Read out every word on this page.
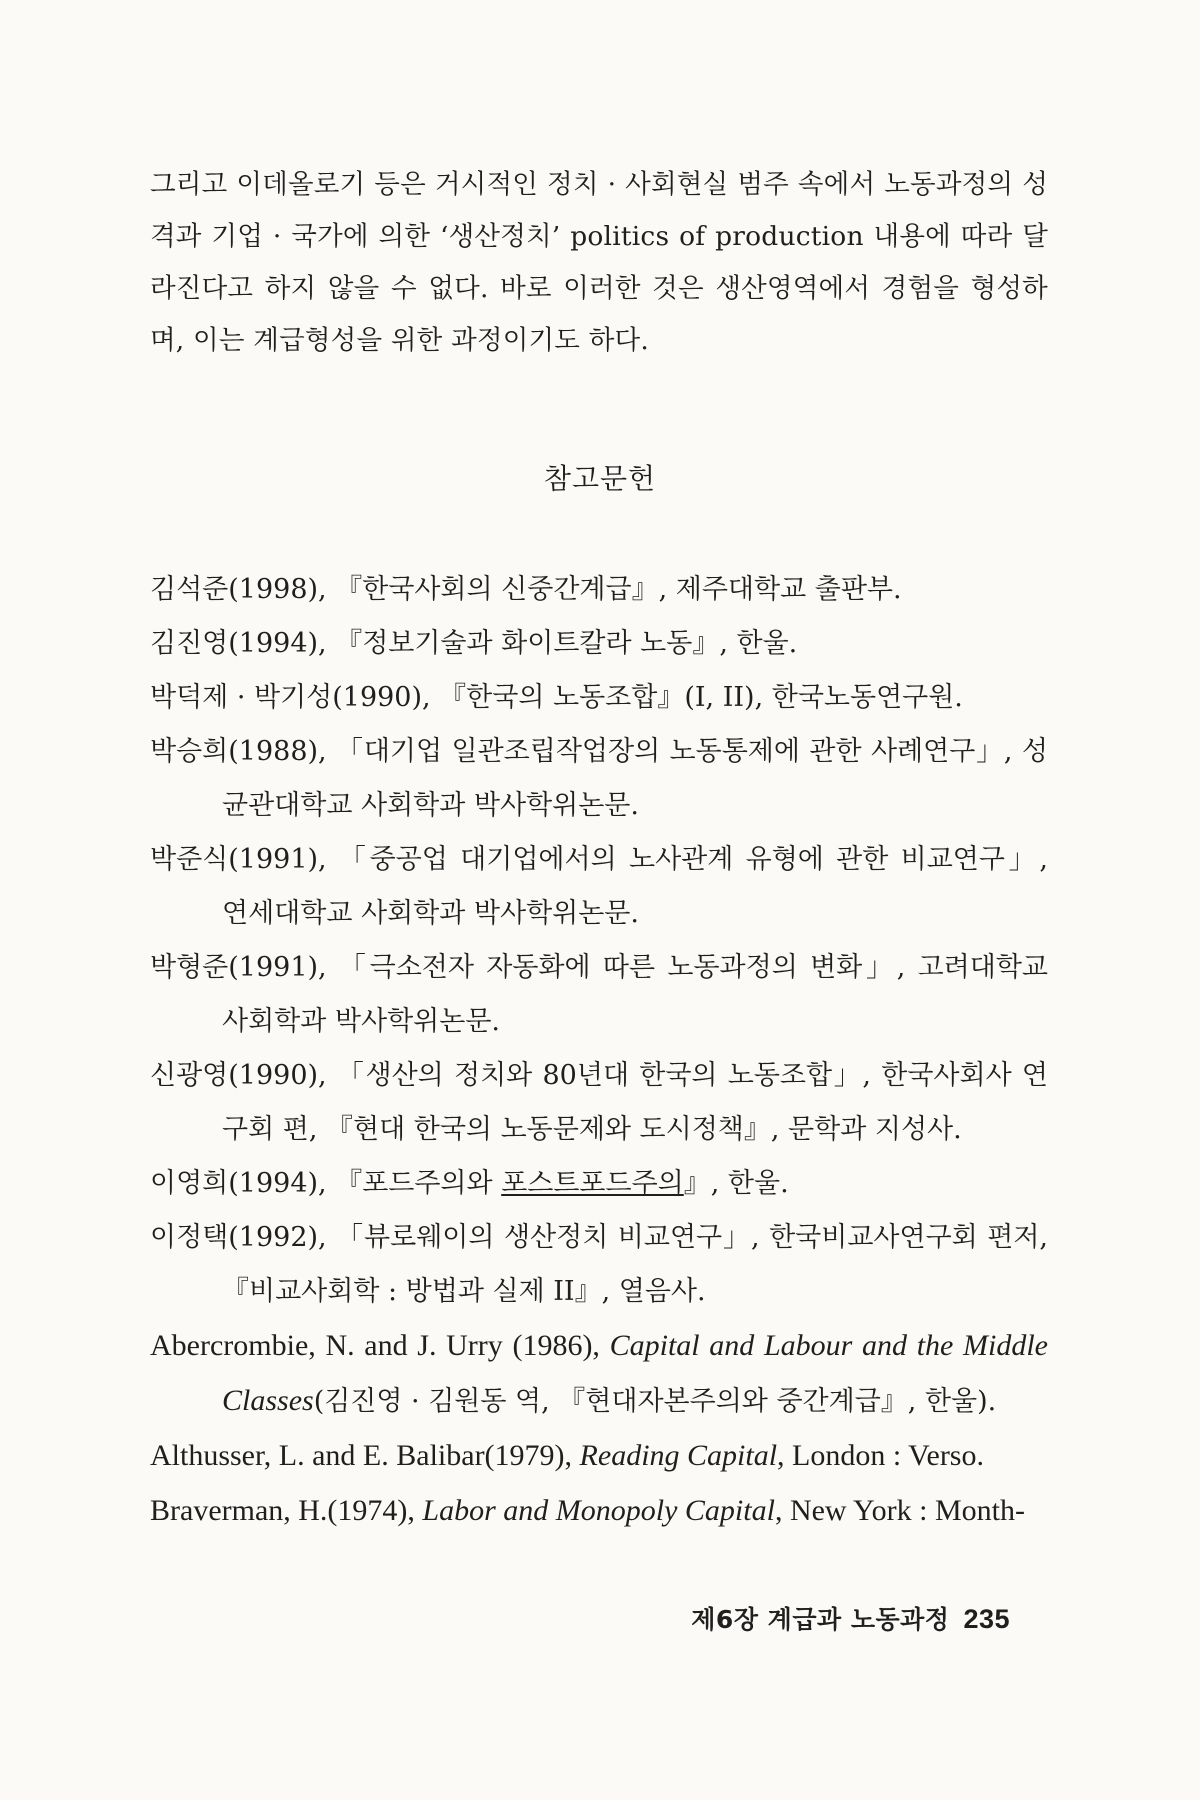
그리고 이데올로기 등은 거시적인 정치 · 사회현실 범주 속에서 노동과정의 성격과 기업 · 국가에 의한 ‘생산정치’ politics of production 내용에 따라 달라진다고 하지 않을 수 없다. 바로 이러한 것은 생산영역에서 경험을 형성하며, 이는 계급형성을 위한 과정이기도 하다.

참고문헌

김석준(1998), 『한국사회의 신중간계급』, 제주대학교 출판부.

김진영(1994), 『정보기술과 화이트칼라 노동』, 한울.

박덕제 · 박기성(1990), 『한국의 노동조합』(I, II), 한국노동연구원.

박승희(1988), 「대기업 일관조립작업장의 노동통제에 관한 사례연구」, 성균관대학교 사회학과 박사학위논문.

박준식(1991), 「중공업 대기업에서의 노사관계 유형에 관한 비교연구」, 연세대학교 사회학과 박사학위논문.

박형준(1991), 「극소전자 자동화에 따른 노동과정의 변화」, 고려대학교 사회학과 박사학위논문.

신광영(1990), 「생산의 정치와 80년대 한국의 노동조합」, 한국사회사 연구회 편, 『현대 한국의 노동문제와 도시정책』, 문학과 지성사.

이영희(1994), 『포드주의와 포스트포드주의』, 한울.

이정택(1992), 「뷰로웨이의 생산정치 비교연구」, 한국비교사연구회 편저, 『비교사회학 : 방법과 실제 II』, 열음사.

Abercrombie, N. and J. Urry (1986), Capital and Labour and the Middle Classes(김진영 · 김원동 역, 『현대자본주의와 중간계급』, 한울).

Althusser, L. and E. Balibar(1979), Reading Capital, London : Verso.

Braverman, H.(1974), Labor and Monopoly Capital, New York : Month-

제6장 계급과 노동과정 235
